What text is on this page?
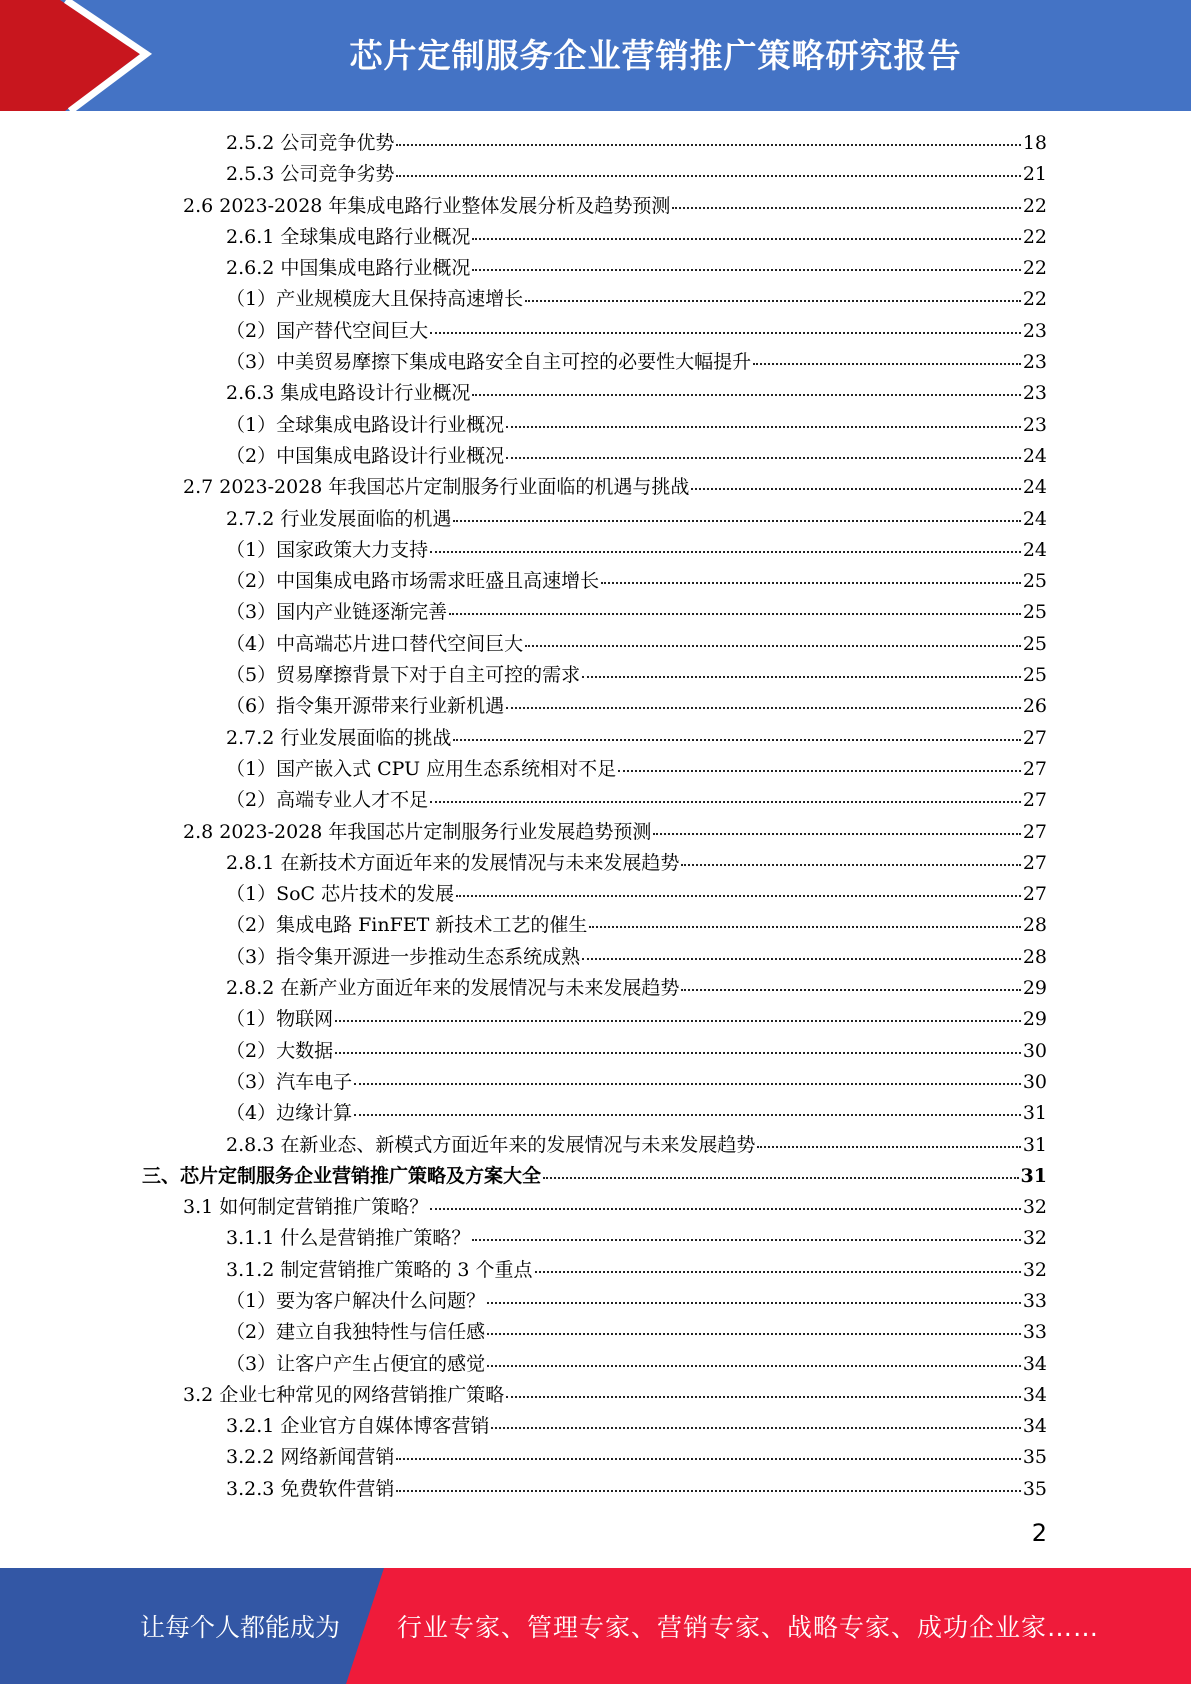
芯片定制服务企业营销推广策略研究报告
2.5.2 公司竞争优势	18
2.5.3 公司竞争劣势	21
2.6 2023-2028 年集成电路行业整体发展分析及趋势预测	22
2.6.1 全球集成电路行业概况	22
2.6.2 中国集成电路行业概况	22
（1）产业规模庞大且保持高速增长	22
（2）国产替代空间巨大	23
（3）中美贸易摩擦下集成电路安全自主可控的必要性大幅提升	23
2.6.3 集成电路设计行业概况	23
（1）全球集成电路设计行业概况	23
（2）中国集成电路设计行业概况	24
2.7 2023-2028 年我国芯片定制服务行业面临的机遇与挑战	24
2.7.2 行业发展面临的机遇	24
（1）国家政策大力支持	24
（2）中国集成电路市场需求旺盛且高速增长	25
（3）国内产业链逐渐完善	25
（4）中高端芯片进口替代空间巨大	25
（5）贸易摩擦背景下对于自主可控的需求	25
（6）指令集开源带来行业新机遇	26
2.7.2 行业发展面临的挑战	27
（1）国产嵌入式 CPU 应用生态系统相对不足	27
（2）高端专业人才不足	27
2.8 2023-2028 年我国芯片定制服务行业发展趋势预测	27
2.8.1 在新技术方面近年来的发展情况与未来发展趋势	27
（1）SoC 芯片技术的发展	27
（2）集成电路 FinFET 新技术工艺的催生	28
（3）指令集开源进一步推动生态系统成熟	28
2.8.2 在新产业方面近年来的发展情况与未来发展趋势	29
（1）物联网	29
（2）大数据	30
（3）汽车电子	30
（4）边缘计算	31
2.8.3 在新业态、新模式方面近年来的发展情况与未来发展趋势	31
三、芯片定制服务企业营销推广策略及方案大全	31
3.1 如何制定营销推广策略？	32
3.1.1 什么是营销推广策略？	32
3.1.2 制定营销推广策略的 3 个重点	32
（1）要为客户解决什么问题？	33
（2）建立自我独特性与信任感	33
（3）让客户产生占便宜的感觉	34
3.2 企业七种常见的网络营销推广策略	34
3.2.1 企业官方自媒体博客营销	34
3.2.2 网络新闻营销	35
3.2.3 免费软件营销	35
2
让每个人都能成为 行业专家、管理专家、营销专家、战略专家、成功企业家……
